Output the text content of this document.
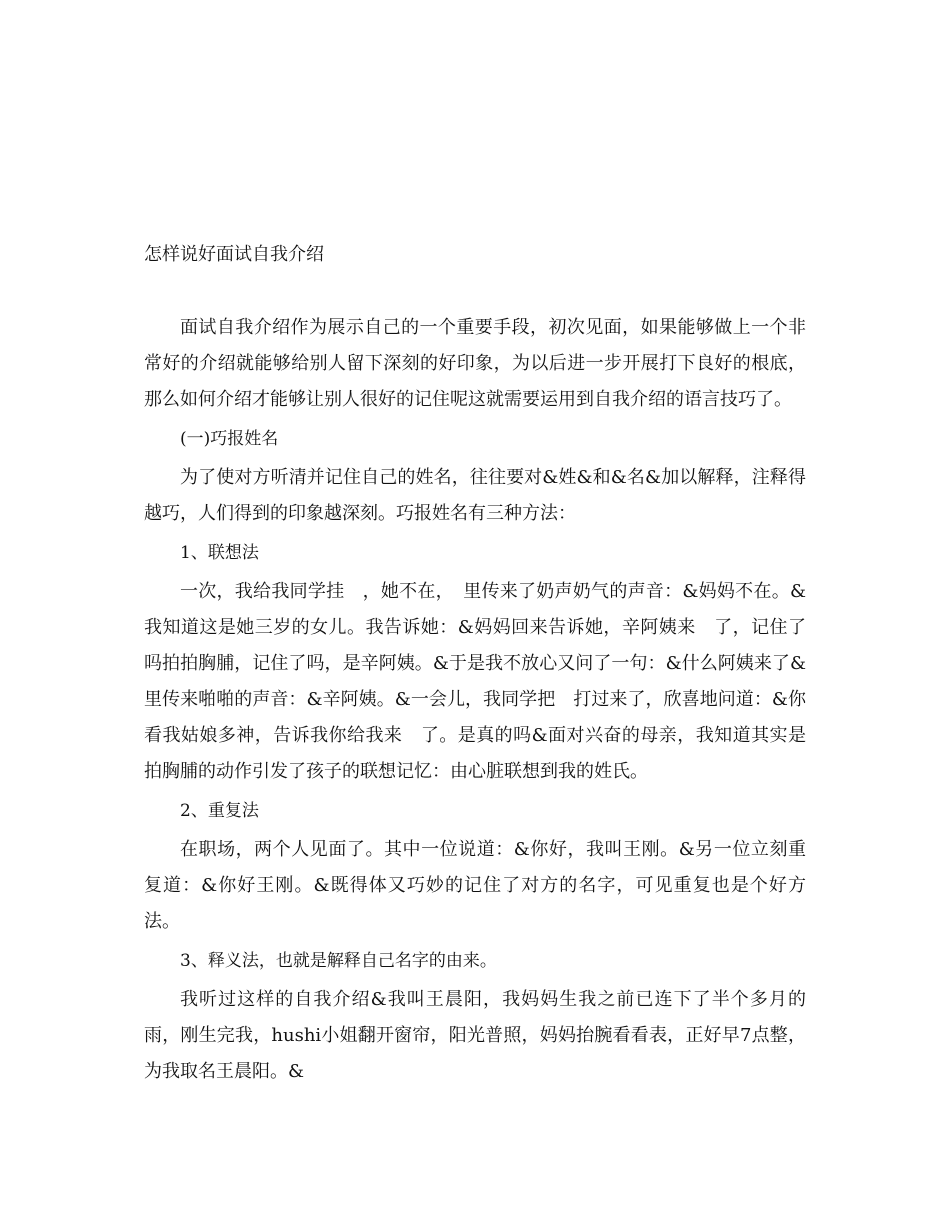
怎样说好面试自我介绍

面试自我介绍作为展示自己的一个重要手段，初次见面，如果能够做上一个非常好的介绍就能够给别人留下深刻的好印象，为以后进一步开展打下良好的根底，那么如何介绍才能够让别人很好的记住呢这就需要运用到自我介绍的语言技巧了。

(一)巧报姓名

为了使对方听清并记住自己的姓名，往往要对&姓&和&名&加以解释，注释得越巧，人们得到的印象越深刻。巧报姓名有三种方法：

1、联想法

一次，我给我同学挂　，她不在，　里传来了奶声奶气的声音：&妈妈不在。&我知道这是她三岁的女儿。我告诉她：&妈妈回来告诉她，辛阿姨来　了，记住了吗拍拍胸脯，记住了吗，是辛阿姨。&于是我不放心又问了一句：&什么阿姨来了&　里传来啪啪的声音：&辛阿姨。&一会儿，我同学把　打过来了，欣喜地问道：&你看我姑娘多神，告诉我你给我来　了。是真的吗&面对兴奋的母亲，我知道其实是拍胸脯的动作引发了孩子的联想记忆：由心脏联想到我的姓氏。

2、重复法

在职场，两个人见面了。其中一位说道：&你好，我叫王刚。&另一位立刻重复道：&你好王刚。&既得体又巧妙的记住了对方的名字，可见重复也是个好方法。

3、释义法，也就是解释自己名字的由来。

我听过这样的自我介绍&我叫王晨阳，我妈妈生我之前已连下了半个多月的雨，刚生完我，hushi小姐翻开窗帘，阳光普照，妈妈抬腕看看表，正好早7点整，为我取名王晨阳。&
